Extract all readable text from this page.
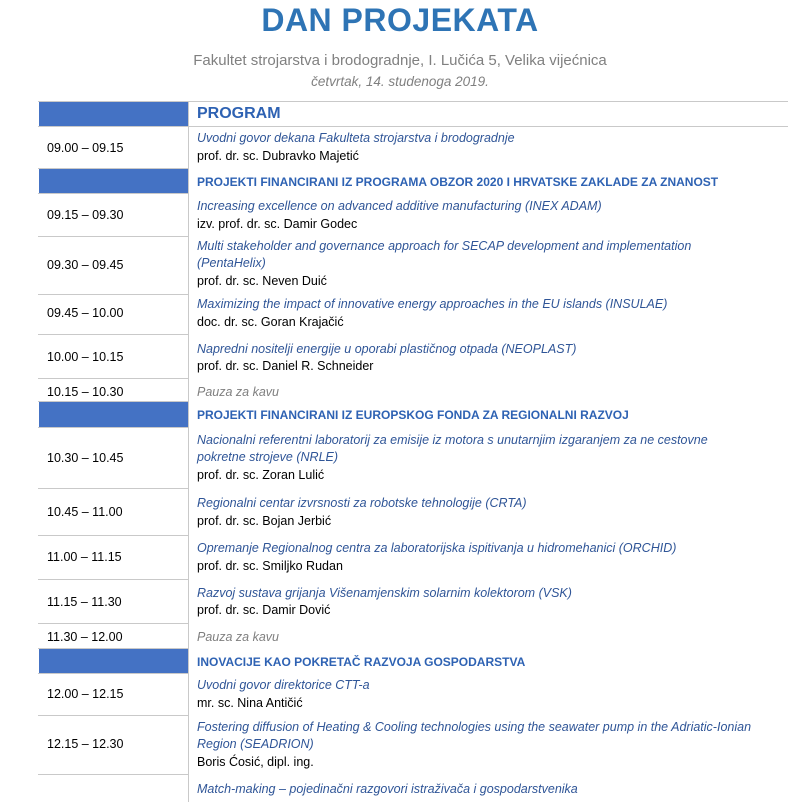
DAN PROJEKATA
Fakultet strojarstva i brodogradnje, I. Lučića 5, Velika vijećnica
četvrtak, 14. studenoga 2019.
PROGRAM
PROJEKTI FINANCIRANI IZ PROGRAMA OBZOR 2020 I HRVATSKE ZAKLADE ZA ZNANOST
PROJEKTI FINANCIRANI IZ EUROPSKOG FONDA ZA REGIONALNI RAZVOJ
INOVACIJE KAO POKRETAČ RAZVOJA GOSPODARSTVA
09.00 – 09.15
Uvodni govor dekana Fakulteta strojarstva i brodogradnje
prof. dr. sc. Dubravko Majetić
09.15 – 09.30
Increasing excellence on advanced additive manufacturing (INEX ADAM)
izv. prof. dr. sc. Damir Godec
09.30 – 09.45
Multi stakeholder and governance approach for SECAP development and implementation (PentaHelix)
prof. dr. sc. Neven Duić
09.45 – 10.00
Maximizing the impact of innovative energy approaches in the EU islands (INSULAE)
doc. dr. sc. Goran Krajačić
10.00 – 10.15
Napredni nositelji energije u oporabi plastičnog otpada (NEOPLAST)
prof. dr. sc. Daniel R. Schneider
10.15 – 10.30	Pauza za kavu
10.30 – 10.45
Nacionalni referentni laboratorij za emisije iz motora s unutarnjim izgaranjem za ne cestovne pokretne strojeve (NRLE)
prof. dr. sc. Zoran Lulić
10.45 – 11.00
Regionalni centar izvrsnosti za robotske tehnologije (CRTA)
prof. dr. sc. Bojan Jerbić
11.00 – 11.15
Opremanje Regionalnog centra za laboratorijska ispitivanja u hidromehanici (ORCHID)
prof. dr. sc. Smiljko Rudan
11.15 – 11.30
Razvoj sustava grijanja Višenamjenskim solarnim kolektorom (VSK)
prof. dr. sc. Damir Dović
11.30 – 12.00	Pauza za kavu
12.00 – 12.15
Uvodni govor direktorice CTT-a
mr. sc. Nina Antičić
12.15 – 12.30
Fostering diffusion of Heating & Cooling technologies using the seawater pump in the Adriatic-Ionian Region (SEADRION)
Boris Ćosić, dipl. ing.
Match-making – pojedinačni razgovori istraživača i gospodarstvenika
